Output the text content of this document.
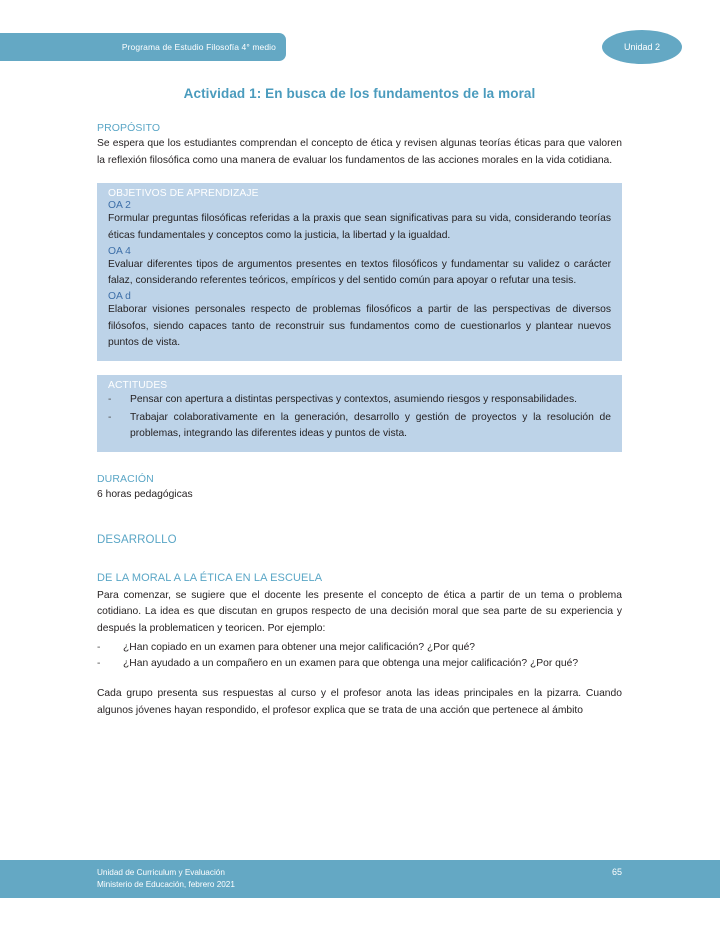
Programa de Estudio Filosofía 4° medio	Unidad 2
Actividad 1: En busca de los fundamentos de la moral
PROPÓSITO

Se espera que los estudiantes comprendan el concepto de ética y revisen algunas teorías éticas para que valoren la reflexión filosófica como una manera de evaluar los fundamentos de las acciones morales en la vida cotidiana.

OBJETIVOS DE APRENDIZAJE
OA 2

Formular preguntas filosóficas referidas a la praxis que sean significativas para su vida, considerando teorías éticas fundamentales y conceptos como la justicia, la libertad y la igualdad.

OA 4

Evaluar diferentes tipos de argumentos presentes en textos filosóficos y fundamentar su validez o carácter falaz, considerando referentes teóricos, empíricos y del sentido común para apoyar o refutar una tesis.

OA d

Elaborar visiones personales respecto de problemas filosóficos a partir de las perspectivas de diversos filósofos, siendo capaces tanto de reconstruir sus fundamentos como de cuestionarlos y plantear nuevos puntos de vista.

ACTITUDES
-	Pensar con apertura a distintas perspectivas y contextos, asumiendo riesgos y responsabilidades.
-	Trabajar colaborativamente en la generación, desarrollo y gestión de proyectos y la resolución de problemas, integrando las diferentes ideas y puntos de vista.
DURACIÓN

6 horas pedagógicas

DESARROLLO
DE LA MORAL A LA ÉTICA EN LA ESCUELA

Para comenzar, se sugiere que el docente les presente el concepto de ética a partir de un tema o problema cotidiano. La idea es que discutan en grupos respecto de una decisión moral que sea parte de su experiencia y después la problematicen y teoricen. Por ejemplo:

-	¿Han copiado en un examen para obtener una mejor calificación? ¿Por qué?
-	¿Han ayudado a un compañero en un examen para que obtenga una mejor calificación? ¿Por qué?

Cada grupo presenta sus respuestas al curso y el profesor anota las ideas principales en la pizarra. Cuando algunos jóvenes hayan respondido, el profesor explica que se trata de una acción que pertenece al ámbito

Unidad de Curriculum y Evaluación
Ministerio de Educación, febrero 2021
65
